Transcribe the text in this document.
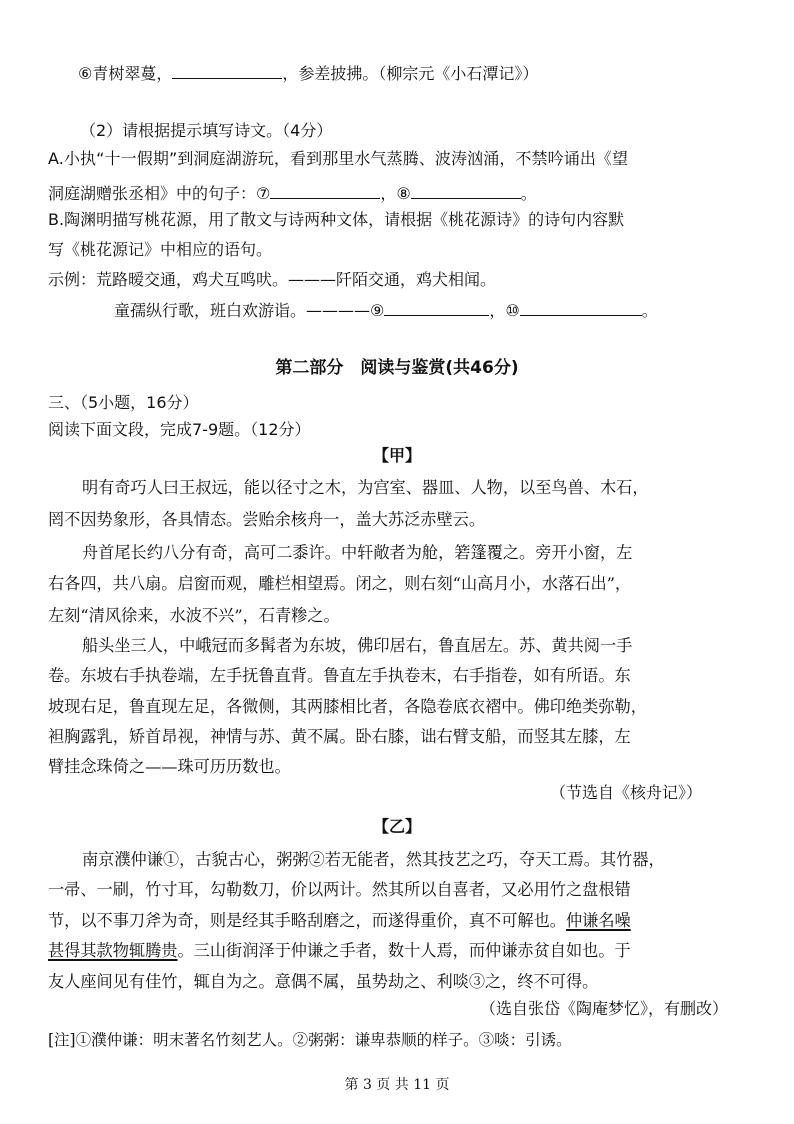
⑥青树翠蔓，	，参差披拂。（柳宗元《小石潭记》）
（2）请根据提示填写诗文。（4分）
A.小执“十一假期”到洞庭湖游玩，看到那里水气蒸腾、波涛汹涌，不禁吟诵出《望
洞庭湖赠张丞相》中的句子：⑦	，⑧	。
B.陶渊明描写桃花源，用了散文与诗两种文体，请根据《桃花源诗》的诗句内容默
写《桃花源记》中相应的语句。
示例：荒路暧交通，鸡犬互鸣吠。———阡陌交通，鸡犬相闻。
童孺纵行歌，班白欢游诣。————⑨	，⑩	。
第二部分　阅读与鉴赏(共46分)
三、（5小题，16分）
阅读下面文段，完成7-9题。（12分）
【甲】
明有奇巧人曰王叔远，能以径寸之木，为宫室、器皿、人物，以至鸟兽、木石，
罔不因势象形，各具情态。尝贻余核舟一，盖大苏泛赤壁云。
舟首尾长约八分有奇，高可二黍许。中轩敞者为舱，箬篷覆之。旁开小窗，左
右各四，共八扇。启窗而观，雕栏相望焉。闭之，则右刻“山高月小，水落石出”，
左刻“清风徐来，水波不兴”，石青糁之。
船头坐三人，中峨冠而多髯者为东坡，佛印居右，鲁直居左。苏、黄共阅一手
卷。东坡右手执卷端，左手抚鲁直背。鲁直左手执卷末，右手指卷，如有所语。东
坡现右足，鲁直现左足，各微侧，其两膝相比者，各隐卷底衣褶中。佛印绝类弥勒，
袒胸露乳，矫首昂视，神情与苏、黄不属。卧右膝，诎右臂支船，而竖其左膝，左
臂挂念珠倚之——珠可历历数也。
（节选自《核舟记》）
【乙】
南京濮仲谦①，古貌古心，粥粥②若无能者，然其技艺之巧，夺天工焉。其竹器，
一帚、一刷，竹寸耳，勾勒数刀，价以两计。然其所以自喜者，又必用竹之盘根错
节，以不事刀斧为奇，则是经其手略刮磨之，而遂得重价，真不可解也。仲谦名噪
甚得其款物辄腾贵。三山街润泽于仲谦之手者，数十人焉，而仲谦赤贫自如也。于
友人座间见有佳竹，辄自为之。意偶不属，虽势劫之、利啖③之，终不可得。
（选自张岱《陶庵梦忆》，有删改）
[注]①濮仲谦：明末著名竹刻艺人。②粥粥：谦卑恭顺的样子。③啖：引诱。
第 3 页 共 11 页
